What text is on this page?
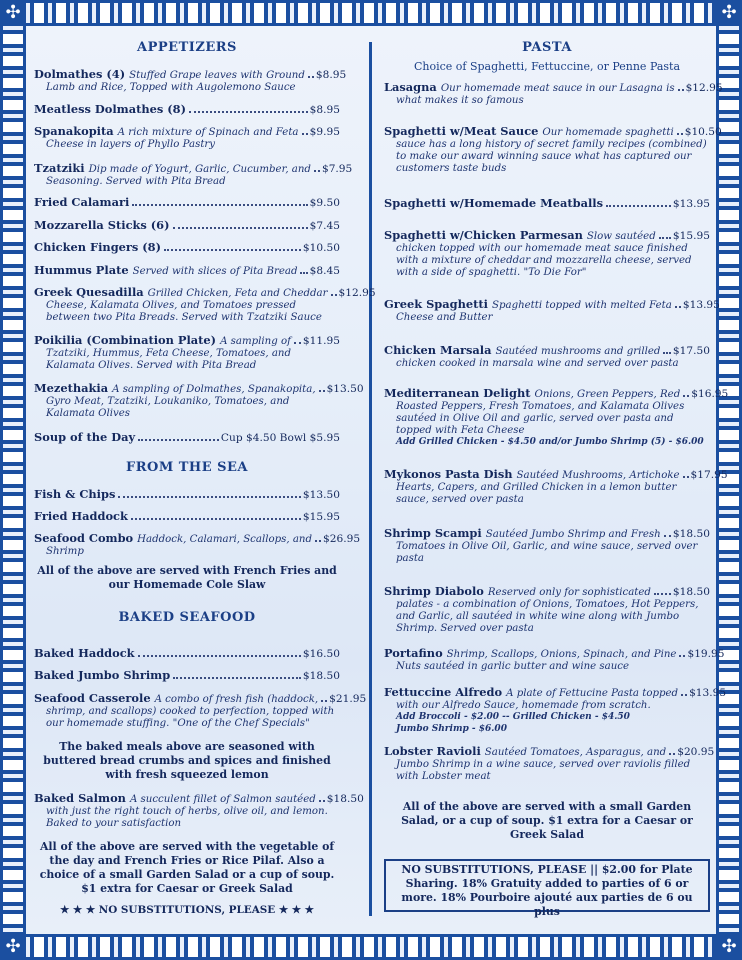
✣	✣
✣	✣
APPETIZERS
Dolmathes (4) Stuffed Grape leaves with Ground $8.95
Lamb and Rice, Topped with Augolemono Sauce
Meatless Dolmathes (8)	$8.95
Spanakopita A rich mixture of Spinach and Feta $9.95
Cheese in layers of Phyllo Pastry
Tzatziki Dip made of Yogurt, Garlic, Cucumber, and $7.95
Seasoning. Served with Pita Bread
Fried Calamari	$9.50
Mozzarella Sticks (6)	$7.45
Chicken Fingers (8)	$10.50
Hummus Plate Served with slices of Pita Bread $8.45
Greek Quesadilla Grilled Chicken, Feta and Cheddar $12.95
Cheese, Kalamata Olives, and Tomatoes pressed between two Pita Breads. Served with Tzatziki Sauce
Poikilia (Combination Plate) A sampling of $11.95
Tzatziki, Hummus, Feta Cheese, Tomatoes, and Kalamata Olives. Served with Pita Bread
Mezethakia A sampling of Dolmathes, Spanakopita, $13.50
Gyro Meat, Tzatziki, Loukaniko, Tomatoes, and Kalamata Olives
Soup of the Day	Cup $4.50 Bowl $5.95
FROM THE SEA
Fish & Chips	$13.50
Fried Haddock	$15.95
Seafood Combo Haddock, Calamari, Scallops, and $26.95
Shrimp
All of the above are served with French Fries and our Homemade Cole Slaw
BAKED SEAFOOD
Baked Haddock	$16.50
Baked Jumbo Shrimp	$18.50
Seafood Casserole A combo of fresh fish (haddock, $21.95
shrimp, and scallops) cooked to perfection, topped with our homemade stuffing. "One of the Chef Specials"
The baked meals above are seasoned with buttered bread crumbs and spices and finished with fresh squeezed lemon
Baked Salmon A succulent fillet of Salmon sautéed $18.50
with just the right touch of herbs, olive oil, and lemon. Baked to your satisfaction
All of the above are served with the vegetable of the day and French Fries or Rice Pilaf. Also a choice of a small Garden Salad or a cup of soup. $1 extra for Caesar or Greek Salad
★ ★ ★ NO SUBSTITUTIONS, PLEASE ★ ★ ★
PASTA
Choice of Spaghetti, Fettuccine, or Penne Pasta
Lasagna Our homemade meat sauce in our Lasagna is $12.95
what makes it so famous
Spaghetti w/Meat Sauce Our homemade spaghetti $10.50
sauce has a long history of secret family recipes (combined) to make our award winning sauce what has captured our customers taste buds
Spaghetti w/Homemade Meatballs	$13.95
Spaghetti w/Chicken Parmesan Slow sautéed $15.95
chicken topped with our homemade meat sauce finished with a mixture of cheddar and mozzarella cheese, served with a side of spaghetti. "To Die For"
Greek Spaghetti Spaghetti topped with melted Feta $13.95
Cheese and Butter
Chicken Marsala Sautéed mushrooms and grilled $17.50
chicken cooked in marsala wine and served over pasta
Mediterranean Delight Onions, Green Peppers, Red $16.95
Roasted Peppers, Fresh Tomatoes, and Kalamata Olives sautéed in Olive Oil and garlic, served over pasta and topped with Feta Cheese
Add Grilled Chicken - $4.50 and/or Jumbo Shrimp (5) - $6.00
Mykonos Pasta Dish Sautéed Mushrooms, Artichoke $17.95
Hearts, Capers, and Grilled Chicken in a lemon butter sauce, served over pasta
Shrimp Scampi Sautéed Jumbo Shrimp and Fresh $18.50
Tomatoes in Olive Oil, Garlic, and wine sauce, served over pasta
Shrimp Diabolo Reserved only for sophisticated $18.50
palates - a combination of Onions, Tomatoes, Hot Peppers, and Garlic, all sautéed in white wine along with Jumbo Shrimp. Served over pasta
Portafino Shrimp, Scallops, Onions, Spinach, and Pine $19.95
Nuts sautéed in garlic butter and wine sauce
Fettuccine Alfredo A plate of Fettucine Pasta topped $13.95
with our Alfredo Sauce, homemade from scratch.
Add Broccoli - $2.00 -- Grilled Chicken - $4.50
Jumbo Shrimp - $6.00
Lobster Ravioli Sautéed Tomatoes, Asparagus, and $20.95
Jumbo Shrimp in a wine sauce, served over raviolis filled with Lobster meat
All of the above are served with a small Garden Salad, or a cup of soup. $1 extra for a Caesar or Greek Salad
NO SUBSTITUTIONS, PLEASE || $2.00 for Plate Sharing. 18% Gratuity added to parties of 6 or more. 18% Pourboire ajouté aux parties de 6 ou plus
